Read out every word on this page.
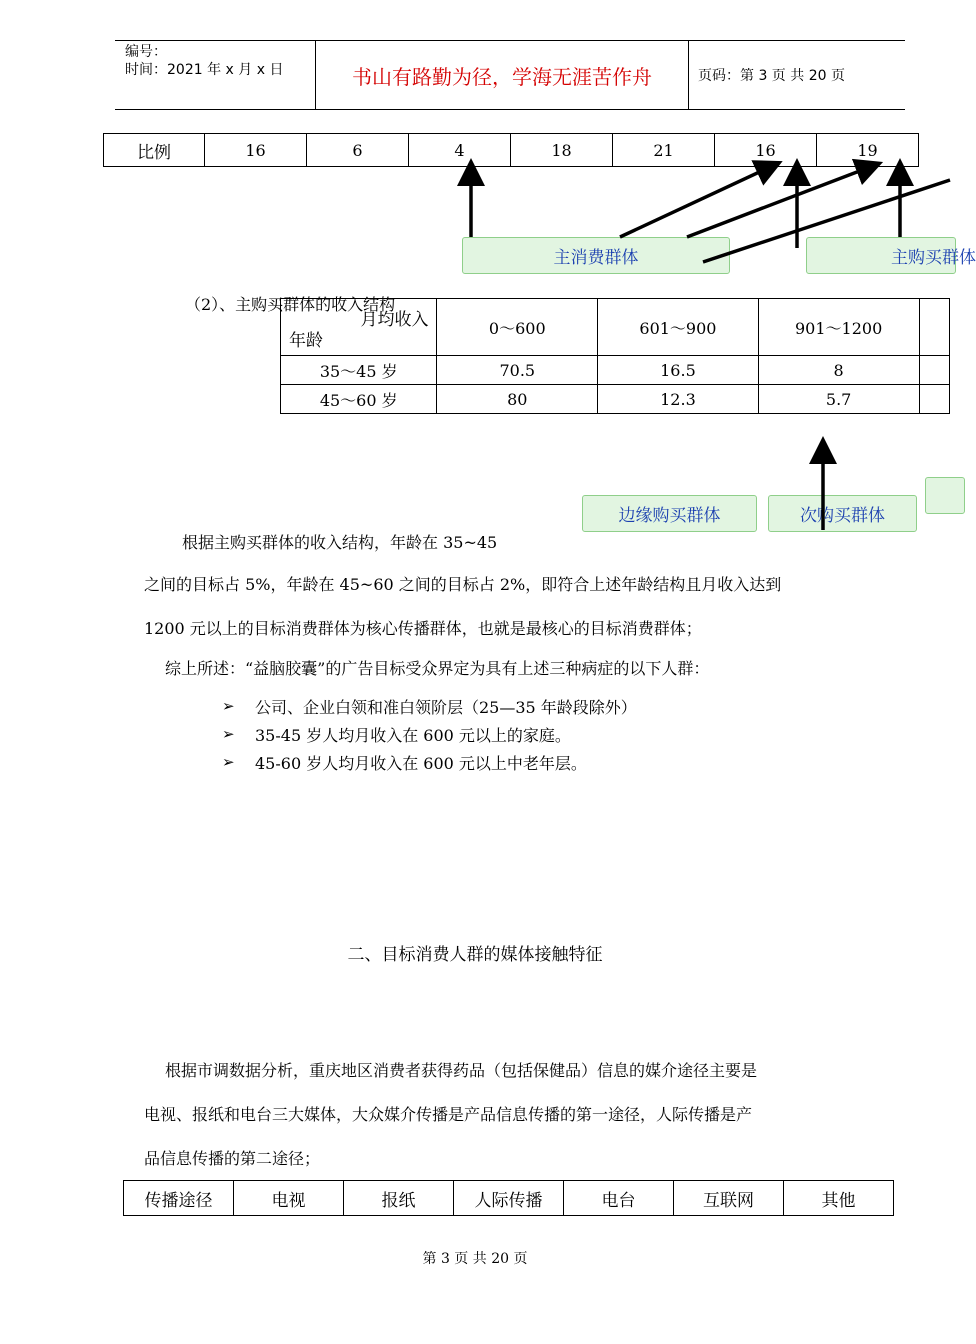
编号：
时间：2021 年 x 月 x 日	书山有路勤为径，学海无涯苦作舟	页码：第 3 页 共 20 页
比例	16	6	4	18	21	16	19
主消费群体	主购买群体
边缘购买群体	次购买群体
（2）、主购买群体的收入结构
月均收入
年龄	0～600	601～900	901～1200	
35～45 岁	70.5	16.5	8	
45～60 岁	80	12.3	5.7	
根据主购买群体的收入结构，年龄在 35~45
之间的目标占 5%，年龄在 45~60 之间的目标占 2%，即符合上述年龄结构且月收入达到
1200 元以上的目标消费群体为核心传播群体，也就是最核心的目标消费群体；
综上所述：“益脑胶囊”的广告目标受众界定为具有上述三种病症的以下人群：
➢	公司、企业白领和准白领阶层（25—35 年龄段除外）
➢	35-45 岁人均月收入在 600 元以上的家庭。
➢	45-60 岁人均月收入在 600 元以上中老年层。
二、目标消费人群的媒体接触特征
根据市调数据分析，重庆地区消费者获得药品（包括保健品）信息的媒介途径主要是
电视、报纸和电台三大媒体，大众媒介传播是产品信息传播的第一途径，人际传播是产
品信息传播的第二途径；
传播途径	电视	报纸	人际传播	电台	互联网	其他
第 3 页 共 20 页
